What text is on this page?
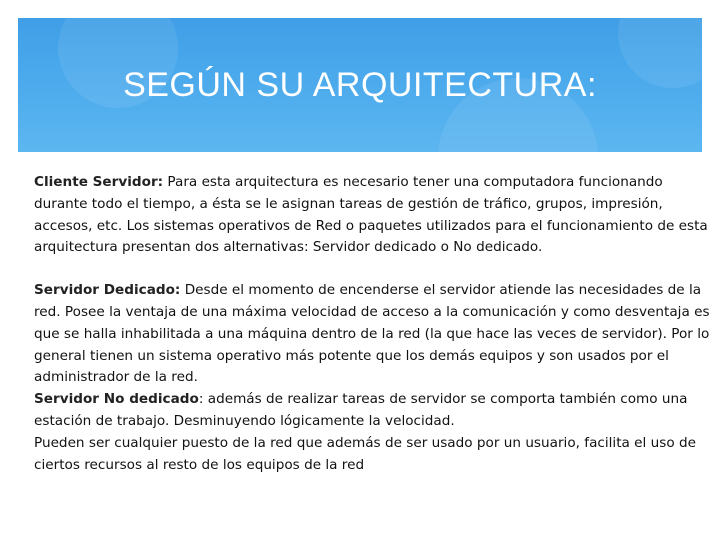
SEGÚN SU ARQUITECTURA:

Cliente Servidor: Para esta arquitectura es necesario tener una computadora funcionando durante todo el tiempo, a ésta se le asignan tareas de gestión de tráfico, grupos, impresión, accesos, etc. Los sistemas operativos de Red o paquetes utilizados para el funcionamiento de esta arquitectura presentan dos alternativas: Servidor dedicado o No dedicado.

Servidor Dedicado: Desde el momento de encenderse el servidor atiende las necesidades de la red. Posee la ventaja de una máxima velocidad de acceso a la comunicación y como desventaja es que se halla inhabilitada a una máquina dentro de la red (la que hace las veces de servidor). Por lo general tienen un sistema operativo más potente que los demás equipos y son usados por el administrador de la red.

Servidor No dedicado: además de realizar tareas de servidor se comporta también como una estación de trabajo. Desminuyendo lógicamente la velocidad.

Pueden ser cualquier puesto de la red que además de ser usado por un usuario, facilita el uso de ciertos recursos al resto de los equipos de la red
